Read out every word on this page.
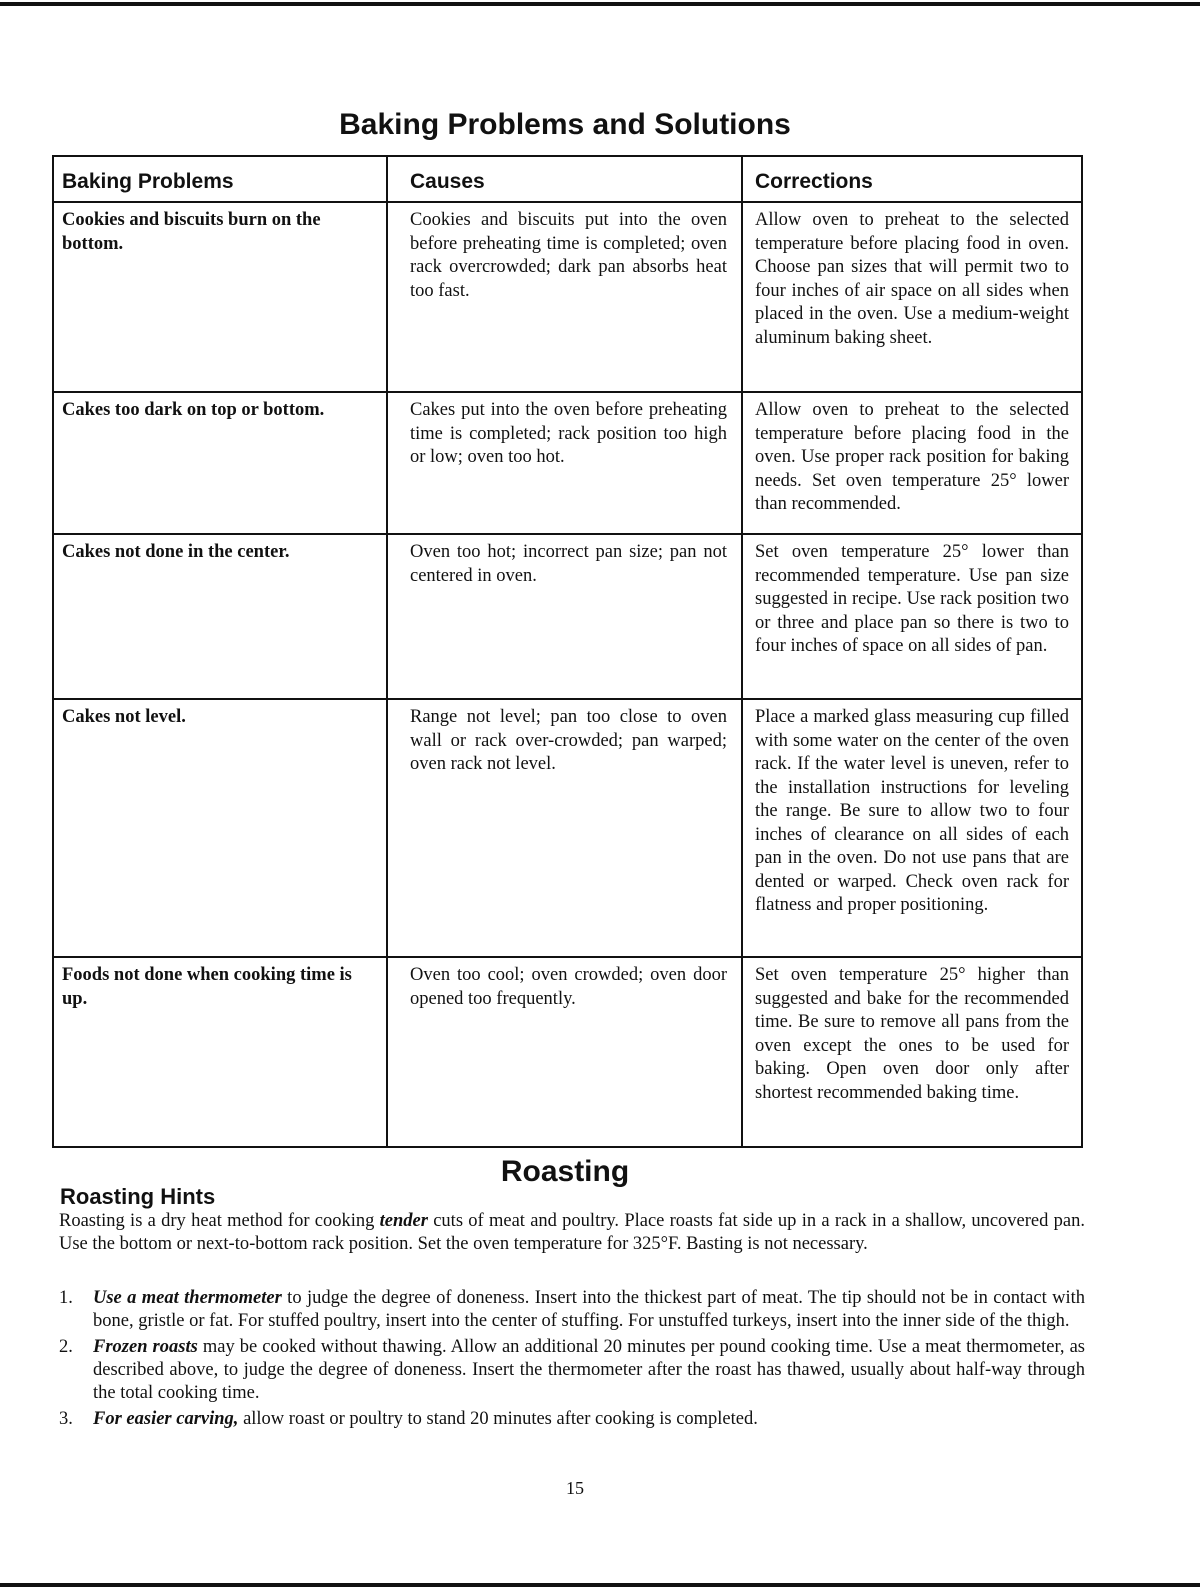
Baking Problems and Solutions
Baking Problems	Causes	Corrections
Cookies and biscuits burn on the bottom.	Cookies and biscuits put into the oven before preheating time is completed; oven rack overcrowded; dark pan absorbs heat too fast.	Allow oven to preheat to the selected temperature before placing food in oven. Choose pan sizes that will permit two to four inches of air space on all sides when placed in the oven. Use a medium-weight aluminum baking sheet.
Cakes too dark on top or bottom.	Cakes put into the oven before preheating time is completed; rack position too high or low; oven too hot.	Allow oven to preheat to the selected temperature before placing food in the oven. Use proper rack position for baking needs. Set oven temperature 25° lower than recommended.
Cakes not done in the center.	Oven too hot; incorrect pan size; pan not centered in oven.	Set oven temperature 25° lower than recommended temperature. Use pan size suggested in recipe. Use rack position two or three and place pan so there is two to four inches of space on all sides of pan.
Cakes not level.	Range not level; pan too close to oven wall or rack over-crowded; pan warped; oven rack not level.	Place a marked glass measuring cup filled with some water on the center of the oven rack. If the water level is uneven, refer to the installation instructions for leveling the range. Be sure to allow two to four inches of clearance on all sides of each pan in the oven. Do not use pans that are dented or warped. Check oven rack for flatness and proper positioning.
Foods not done when cooking time is up.	Oven too cool; oven crowded; oven door opened too frequently.	Set oven temperature 25° higher than suggested and bake for the recommended time. Be sure to remove all pans from the oven except the ones to be used for baking. Open oven door only after shortest recommended baking time.
Roasting
Roasting Hints

Roasting is a dry heat method for cooking tender cuts of meat and poultry. Place roasts fat side up in a rack in a shallow, uncovered pan. Use the bottom or next-to-bottom rack position. Set the oven temperature for 325°F. Basting is not necessary.

1. Use a meat thermometer to judge the degree of doneness. Insert into the thickest part of meat. The tip should not be in contact with bone, gristle or fat. For stuffed poultry, insert into the center of stuffing. For unstuffed turkeys, insert into the inner side of the thigh.
2. Frozen roasts may be cooked without thawing. Allow an additional 20 minutes per pound cooking time. Use a meat thermometer, as described above, to judge the degree of doneness. Insert the thermometer after the roast has thawed, usually about half-way through the total cooking time.
3. For easier carving, allow roast or poultry to stand 20 minutes after cooking is completed.
15
